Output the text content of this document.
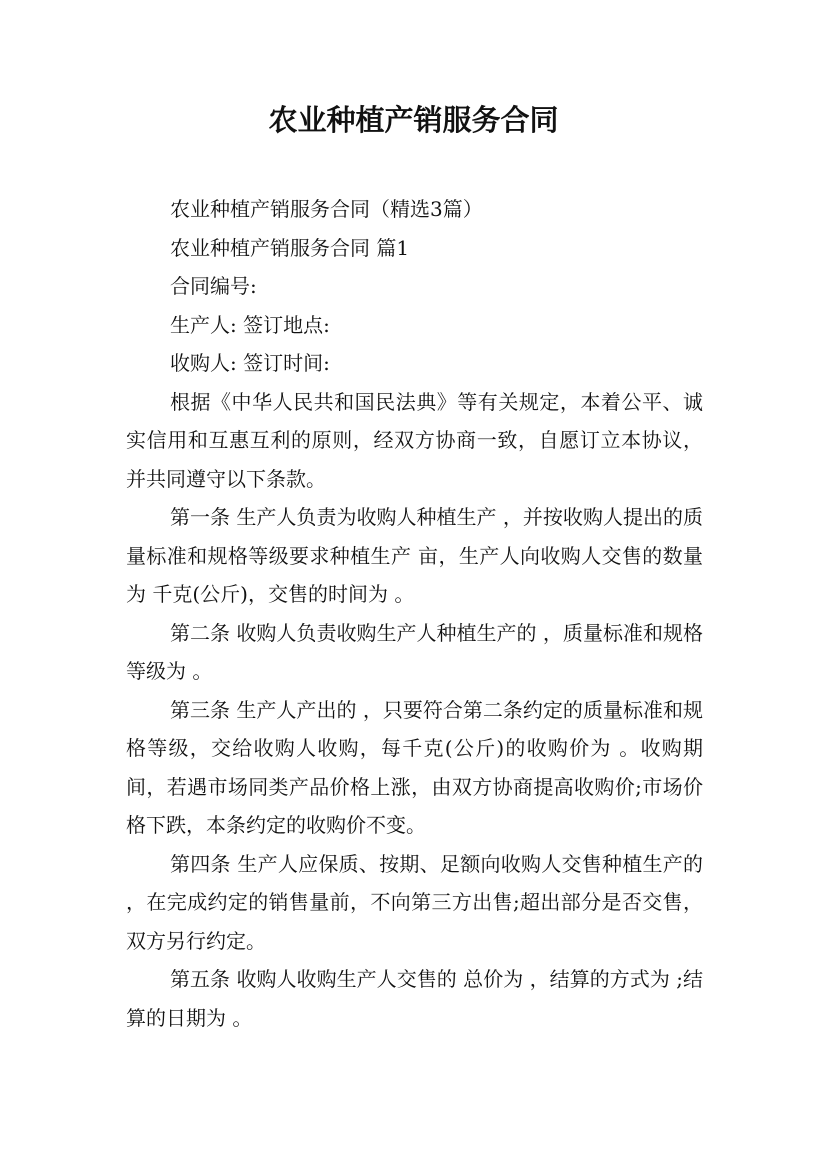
农业种植产销服务合同

农业种植产销服务合同（精选3篇）

农业种植产销服务合同 篇1

合同编号:

生产人: 签订地点:

收购人: 签订时间:

根据《中华人民共和国民法典》等有关规定，本着公平、诚实信用和互惠互利的原则，经双方协商一致，自愿订立本协议，并共同遵守以下条款。

第一条 生产人负责为收购人种植生产 ，并按收购人提出的质量标准和规格等级要求种植生产 亩，生产人向收购人交售的数量为 千克(公斤)，交售的时间为 。

第二条 收购人负责收购生产人种植生产的 ，质量标准和规格等级为 。

第三条 生产人产出的 ，只要符合第二条约定的质量标准和规格等级，交给收购人收购，每千克(公斤)的收购价为 。收购期间，若遇市场同类产品价格上涨，由双方协商提高收购价;市场价格下跌，本条约定的收购价不变。

第四条 生产人应保质、按期、足额向收购人交售种植生产的 ，在完成约定的销售量前，不向第三方出售;超出部分是否交售，双方另行约定。

第五条 收购人收购生产人交售的 总价为 ，结算的方式为 ;结算的日期为 。
